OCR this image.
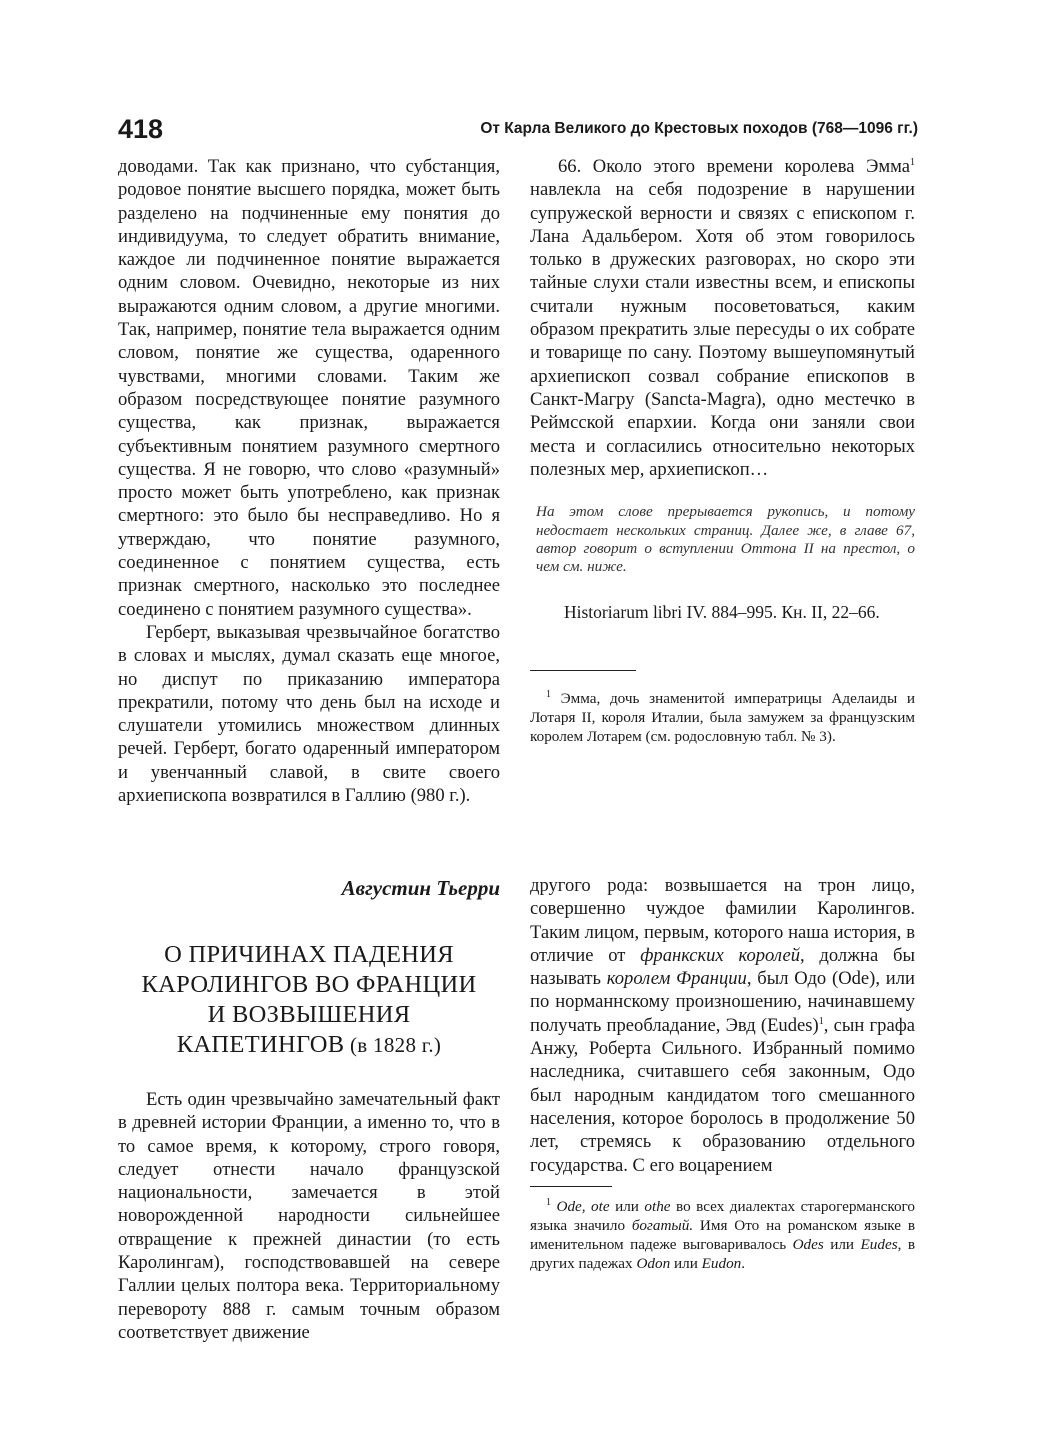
418	От Карла Великого до Крестовых походов (768—1096 гг.)

доводами. Так как признано, что субстанция, родовое понятие высшего порядка, может быть разделено на подчиненные ему понятия до индивидуума, то следует обратить внимание, каждое ли подчиненное понятие выражается одним словом. Очевидно, некоторые из них выражаются одним словом, а другие многими. Так, например, понятие тела выражается одним словом, понятие же существа, одаренного чувствами, многими словами. Таким же образом посредствующее понятие разумного существа, как признак, выражается субъективным понятием разумного смертного существа. Я не говорю, что слово «разумный» просто может быть употреблено, как признак смертного: это было бы несправедливо. Но я утверждаю, что понятие разумного, соединенное с понятием существа, есть признак смертного, насколько это последнее соединено с понятием разумного существа».

Герберт, выказывая чрезвычайное богатство в словах и мыслях, думал сказать еще многое, но диспут по приказанию императора прекратили, потому что день был на исходе и слушатели утомились множеством длинных речей. Герберт, богато одаренный императором и увенчанный славой, в свите своего архиепископа возвратился в Галлию (980 г.).

66. Около этого времени королева Эмма$^1$ навлекла на себя подозрение в нарушении супружеской верности и связях с епископом г. Лана Адальбером. Хотя об этом говорилось только в дружеских разговорах, но скоро эти тайные слухи стали известны всем, и епископы считали нужным посоветоваться, каким образом прекратить злые пересуды о их собрате и товарище по сану. Поэтому вышеупомянутый архиепископ созвал собрание епископов в Санкт-Магру (Sancta-Magra), одно местечко в Реймсской епархии. Когда они заняли свои места и согласились относительно некоторых полезных мер, архиепископ…

На этом слове прерывается рукопись, и потому недостает нескольких страниц. Далее же, в главе 67, автор говорит о вступлении Оттона II на престол, о чем см. ниже.

Historiarum libri IV. 884–995. Кн. II, 22–66.

$^1$ Эмма, дочь знаменитой императрицы Аделаиды и Лотаря II, короля Италии, была замужем за французским королем Лотарем (см. родословную табл. № 3).

Августин Тьерри

О ПРИЧИНАХ ПАДЕНИЯ
КАРОЛИНГОВ ВО ФРАНЦИИ
И ВОЗВЫШЕНИЯ
КАПЕТИНГОВ (в 1828 г.)

Есть один чрезвычайно замечательный факт в древней истории Франции, а именно то, что в то самое время, к которому, строго говоря, следует отнести начало французской национальности, замечается в этой новорожденной народности сильнейшее отвращение к прежней династии (то есть Каролингам), господствовавшей на севере Галлии целых полтора века. Территориальному перевороту 888 г. самым точным образом соответствует движение

другого рода: возвышается на трон лицо, совершенно чуждое фамилии Каролингов. Таким лицом, первым, которого наша история, в отличие от франкских королей, должна бы называть королем Франции, был Одо (Ode), или по норманнскому произношению, начинавшему получать преобладание, Эвд (Eudes)$^1$, сын графа Анжу, Роберта Сильного. Избранный помимо наследника, считавшего себя законным, Одо был народным кандидатом того смешанного населения, которое боролось в продолжение 50 лет, стремясь к образованию отдельного государства. С его воцарением

$^1$ Ode, ote или othe во всех диалектах старогерманского языка значило богатый. Имя Ото на романском языке в именительном падеже выговаривалось Odes или Eudes, в других падежах Odon или Eudon.
